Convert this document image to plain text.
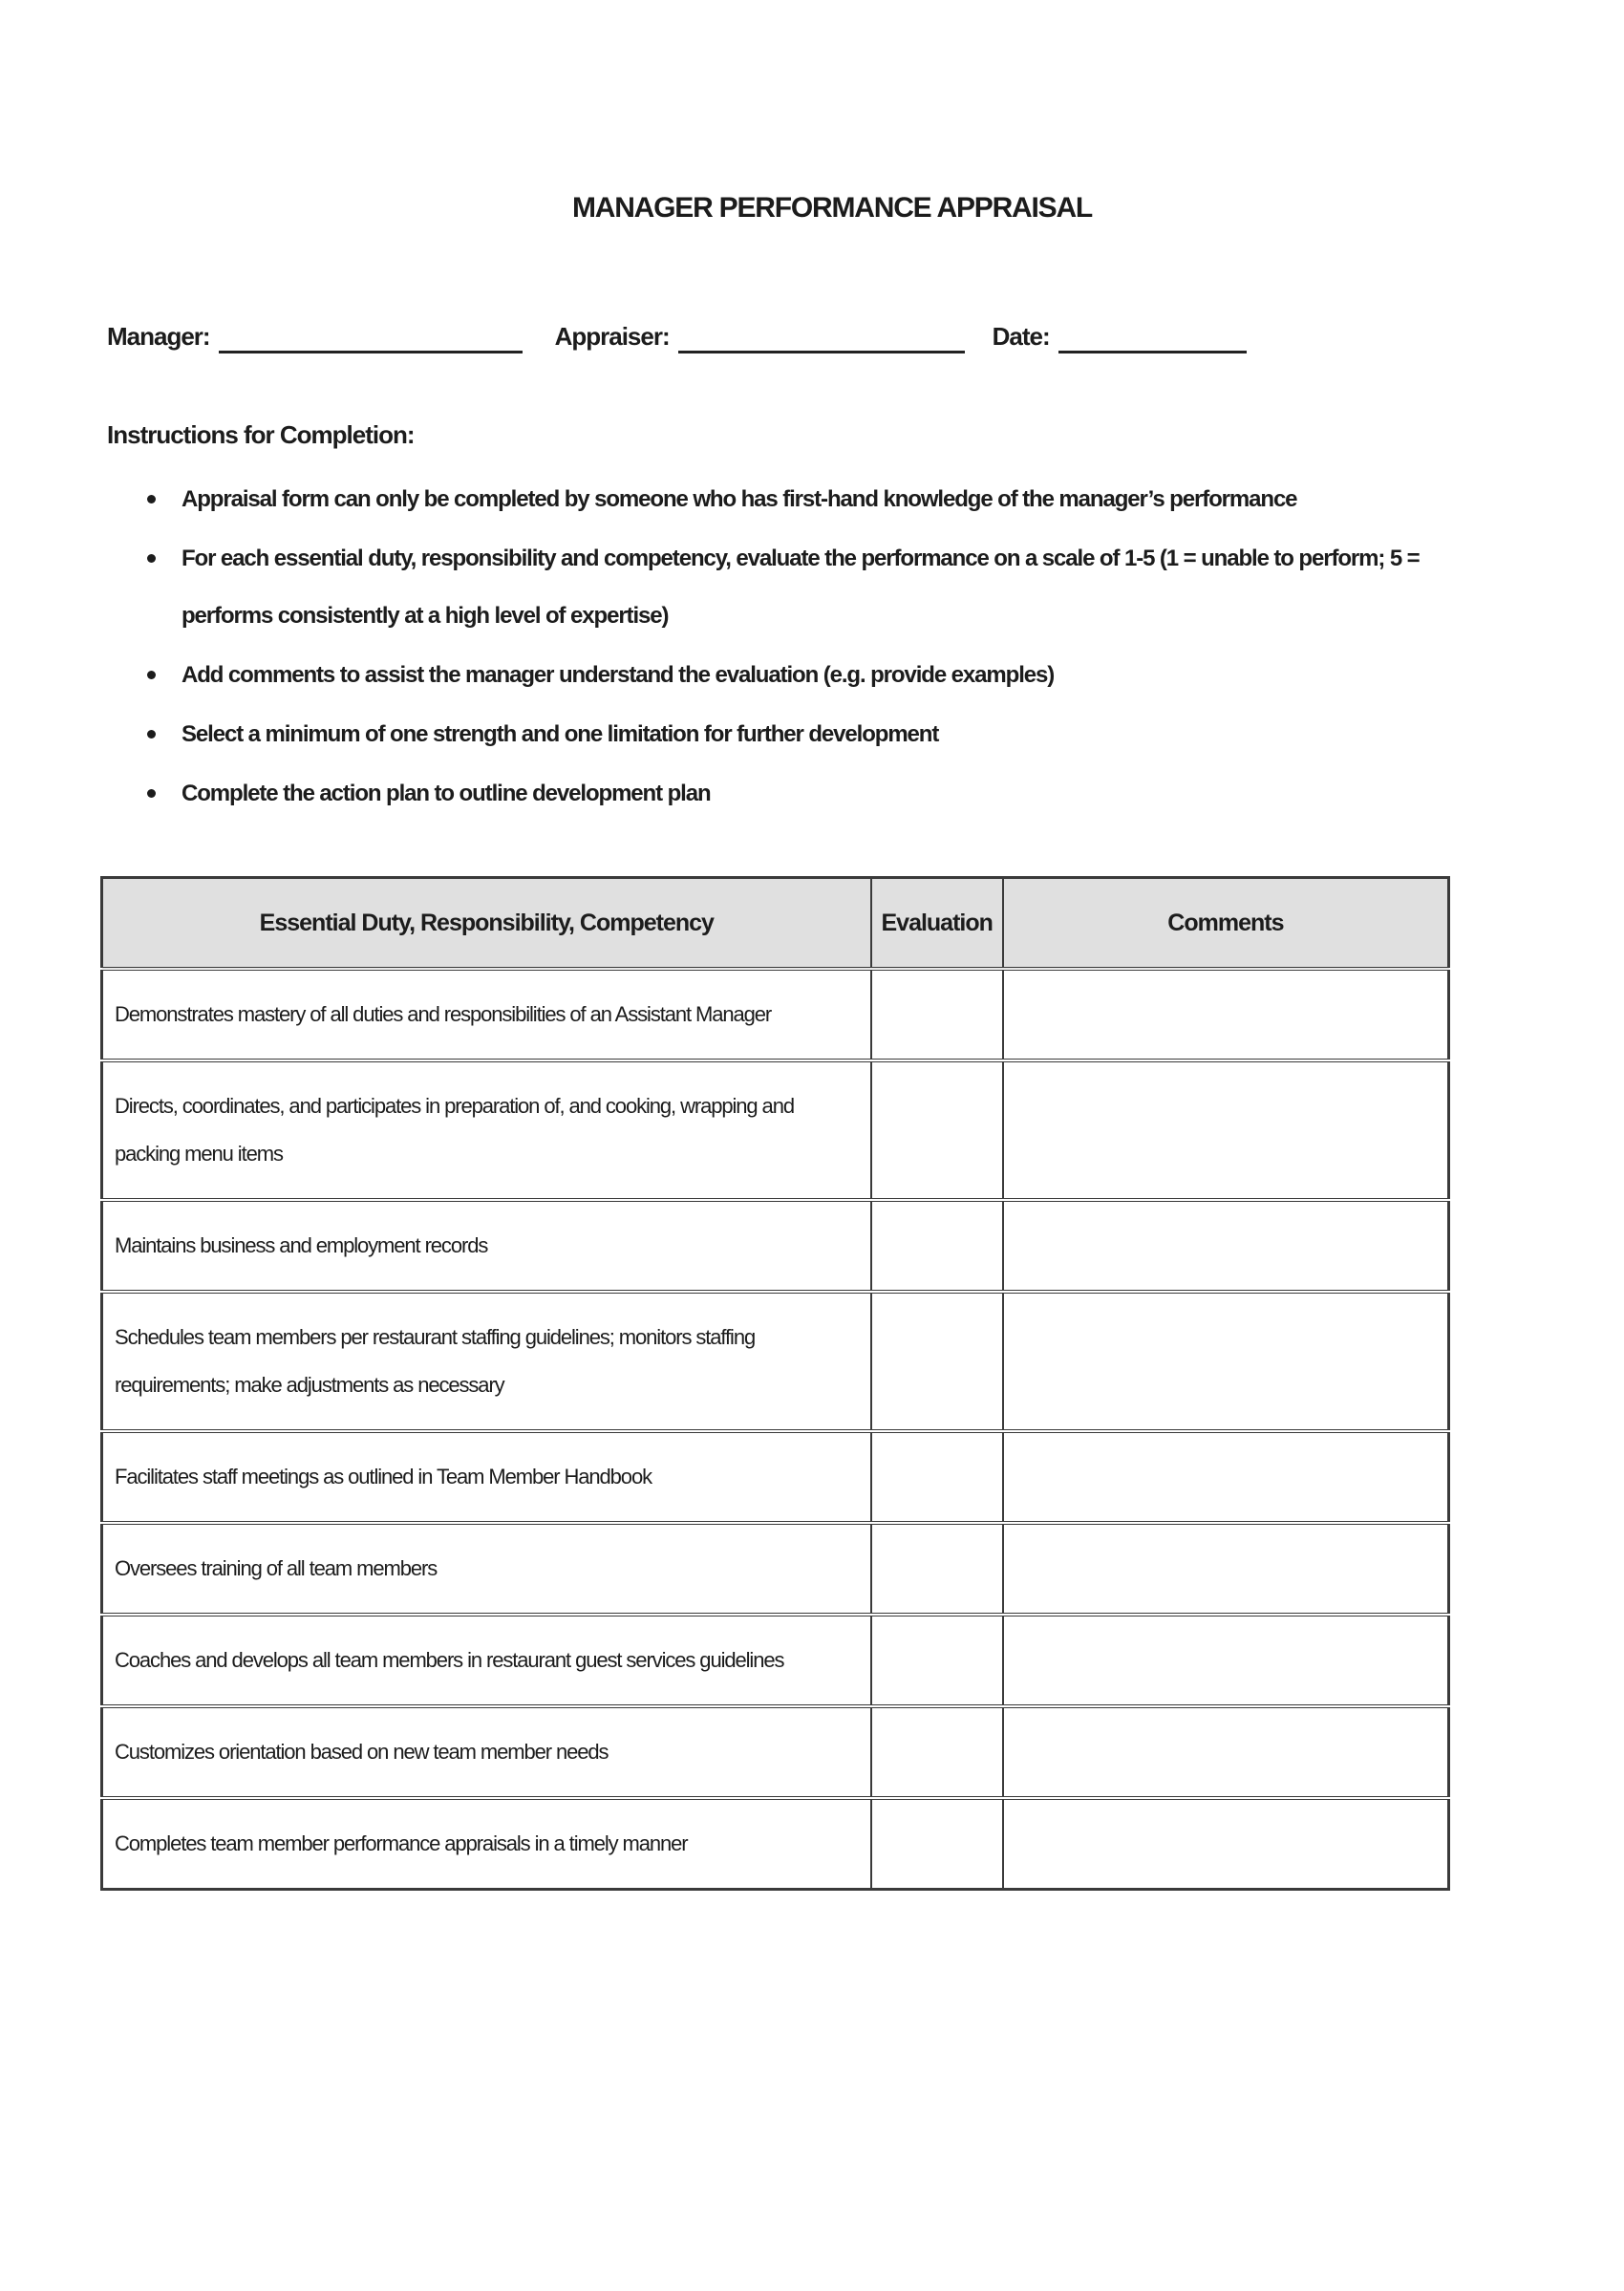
MANAGER PERFORMANCE APPRAISAL
Manager:	Appraiser:	Date:
Instructions for Completion:
Appraisal form can only be completed by someone who has first-hand knowledge of the manager’s performance
For each essential duty, responsibility and competency, evaluate the performance on a scale of 1-5 (1 = unable to perform; 5 = performs consistently at a high level of expertise)
Add comments to assist the manager understand the evaluation (e.g. provide examples)
Select a minimum of one strength and one limitation for further development
Complete the action plan to outline development plan
Essential Duty, Responsibility, Competency	Evaluation	Comments
Demonstrates mastery of all duties and responsibilities of an Assistant Manager		
Directs, coordinates, and participates in preparation of, and cooking, wrapping and packing menu items		
Maintains business and employment records		
Schedules team members per restaurant staffing guidelines; monitors staffing requirements; make adjustments as necessary		
Facilitates staff meetings as outlined in Team Member Handbook		
Oversees training of all team members		
Coaches and develops all team members in restaurant guest services guidelines		
Customizes orientation based on new team member needs		
Completes team member performance appraisals in a timely manner		
